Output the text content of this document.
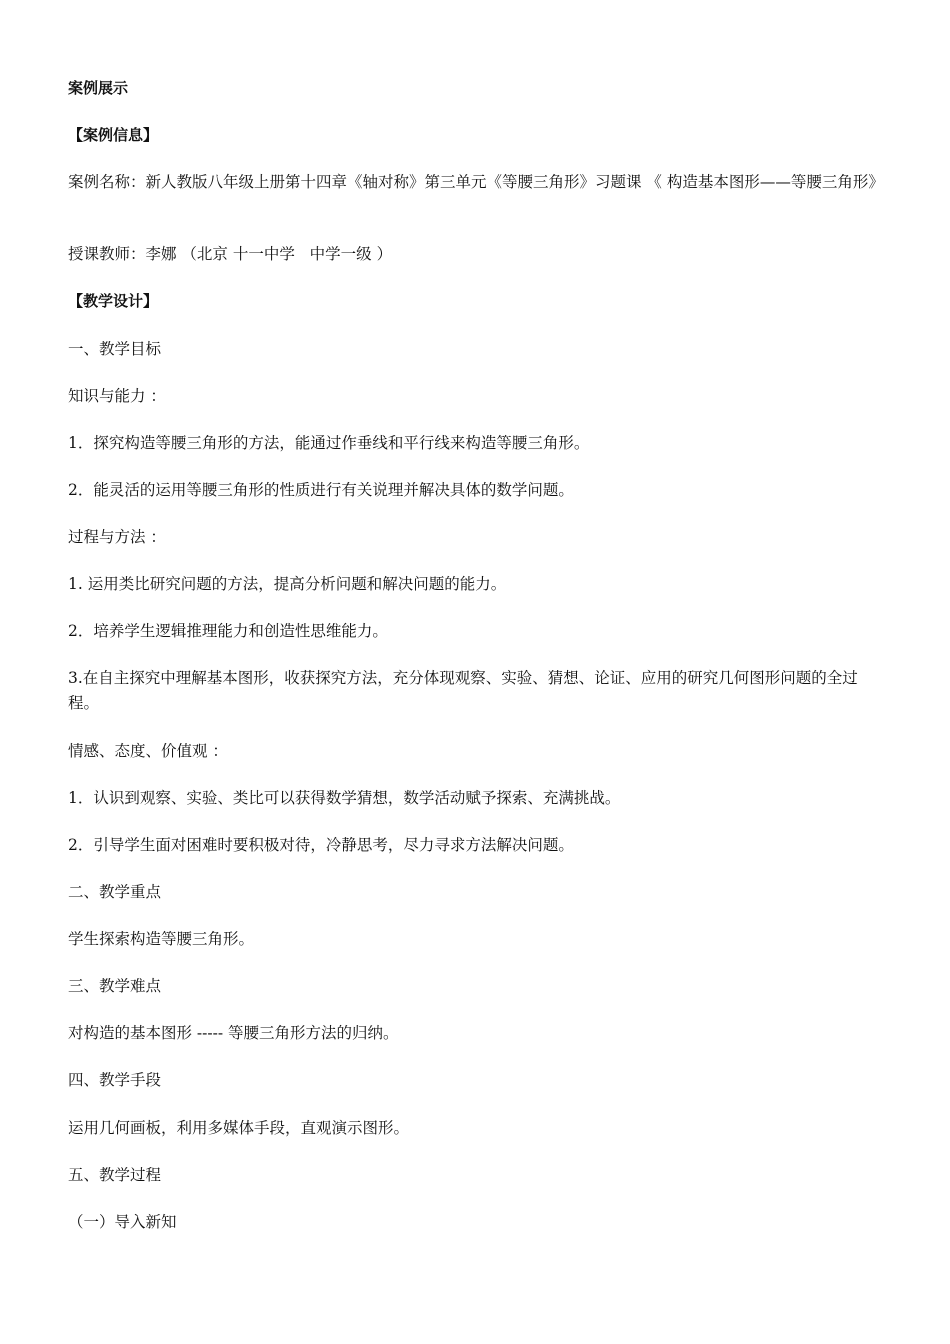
案例展示

【案例信息】

案例名称：新人教版八年级上册第十四章《轴对称》第三单元《等腰三角形》习题课 《 构造基本图形——等腰三角形》

授课教师：李娜 （北京 十一中学   中学一级 ）

【教学设计】

一、教学目标

知识与能力 ：

1．探究构造等腰三角形的方法，能通过作垂线和平行线来构造等腰三角形。

2．能灵活的运用等腰三角形的性质进行有关说理并解决具体的数学问题。

过程与方法 ：

1. 运用类比研究问题的方法，提高分析问题和解决问题的能力。

2．培养学生逻辑推理能力和创造性思维能力。

3.在自主探究中理解基本图形，收获探究方法，充分体现观察、实验、猜想、论证、应用的研究几何图形问题的全过程。

情感、态度、价值观 ：

1．认识到观察、实验、类比可以获得数学猜想，数学活动赋予探索、充满挑战。

2．引导学生面对困难时要积极对待，冷静思考，尽力寻求方法解决问题。

二、教学重点

学生探索构造等腰三角形。

三、教学难点

对构造的基本图形 ----- 等腰三角形方法的归纳。

四、教学手段

运用几何画板，利用多媒体手段，直观演示图形。

五、教学过程

（一）导入新知
